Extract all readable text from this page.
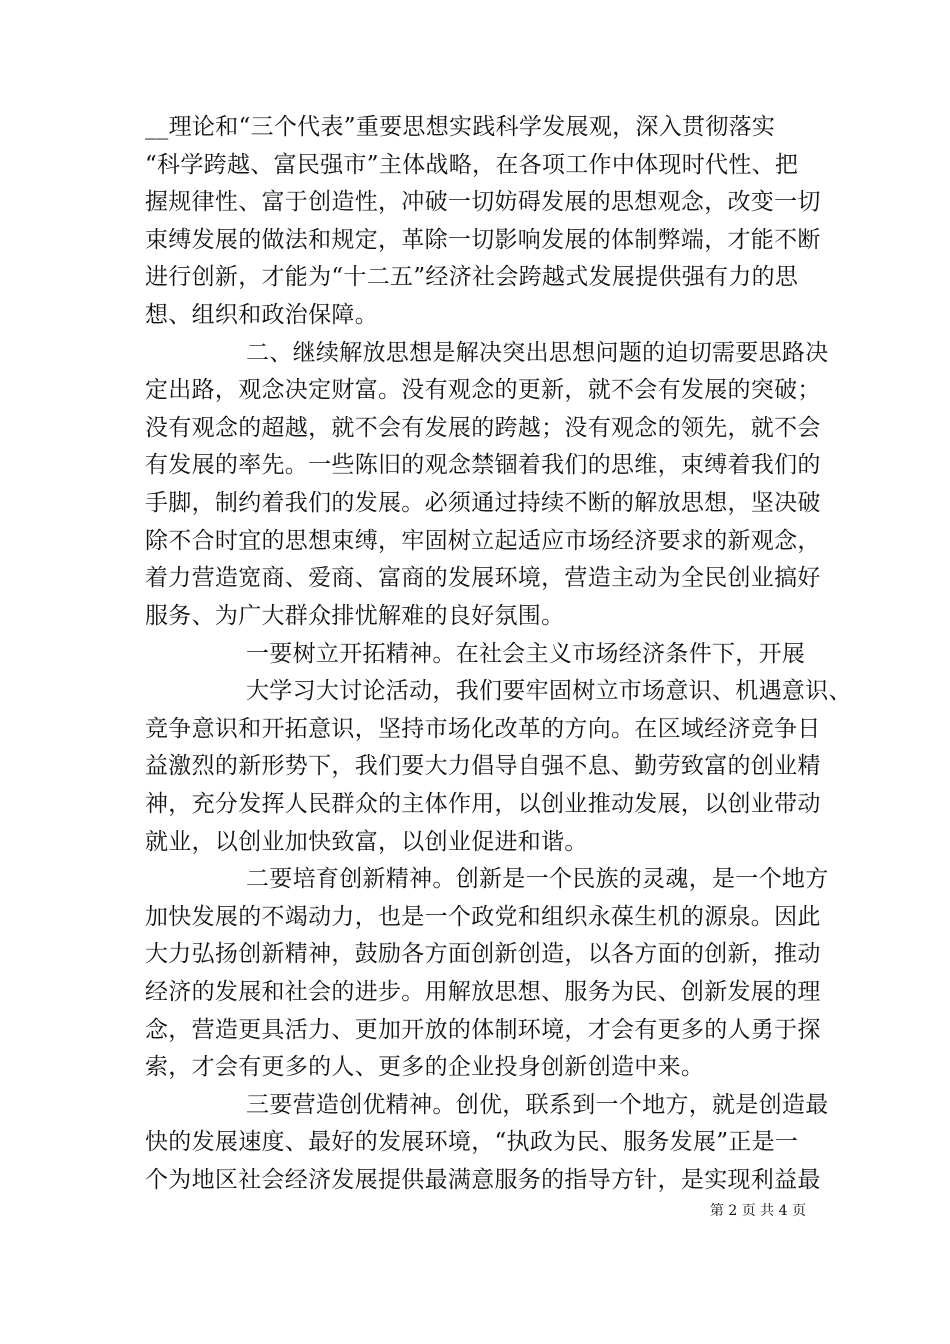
__理论和“三个代表”重要思想实践科学发展观，深入贯彻落实
“科学跨越、富民强市”主体战略，在各项工作中体现时代性、把
握规律性、富于创造性，冲破一切妨碍发展的思想观念，改变一切
束缚发展的做法和规定，革除一切影响发展的体制弊端，才能不断
进行创新，才能为“十二五”经济社会跨越式发展提供强有力的思
想、组织和政治保障。
二、继续解放思想是解决突出思想问题的迫切需要思路决
定出路，观念决定财富。没有观念的更新，就不会有发展的突破；
没有观念的超越，就不会有发展的跨越；没有观念的领先，就不会
有发展的率先。一些陈旧的观念禁锢着我们的思维，束缚着我们的
手脚，制约着我们的发展。必须通过持续不断的解放思想，坚决破
除不合时宜的思想束缚，牢固树立起适应市场经济要求的新观念，
着力营造宽商、爱商、富商的发展环境，营造主动为全民创业搞好
服务、为广大群众排忧解难的良好氛围。
一要树立开拓精神。在社会主义市场经济条件下，开展
大学习大讨论活动，我们要牢固树立市场意识、机遇意识、
竞争意识和开拓意识，坚持市场化改革的方向。在区域经济竞争日
益激烈的新形势下，我们要大力倡导自强不息、勤劳致富的创业精
神，充分发挥人民群众的主体作用，以创业推动发展，以创业带动
就业，以创业加快致富，以创业促进和谐。
二要培育创新精神。创新是一个民族的灵魂，是一个地方
加快发展的不竭动力，也是一个政党和组织永葆生机的源泉。因此
大力弘扬创新精神，鼓励各方面创新创造，以各方面的创新，推动
经济的发展和社会的进步。用解放思想、服务为民、创新发展的理
念，营造更具活力、更加开放的体制环境，才会有更多的人勇于探
索，才会有更多的人、更多的企业投身创新创造中来。
三要营造创优精神。创优，联系到一个地方，就是创造最
快的发展速度、最好的发展环境，“执政为民、服务发展”正是一
个为地区社会经济发展提供最满意服务的指导方针，是实现利益最
第 2 页 共 4 页
